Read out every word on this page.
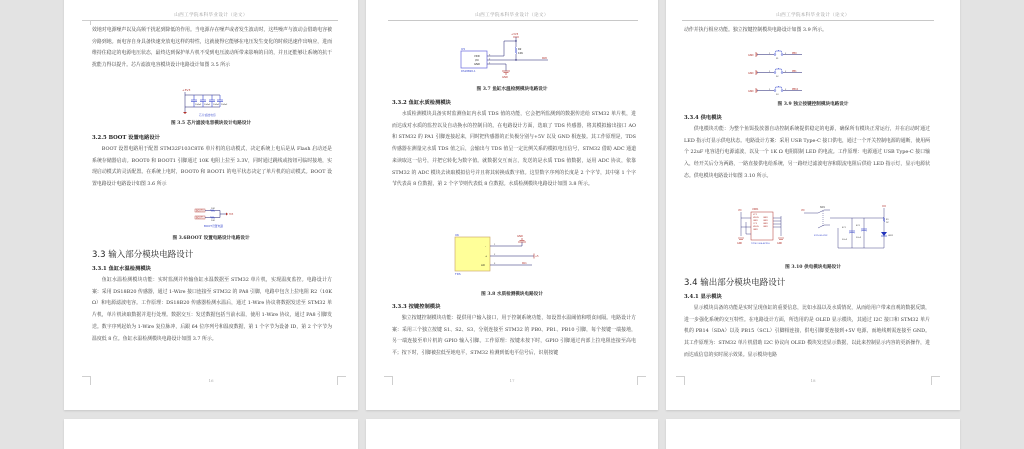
山西工学院本科毕业设计（论文）

效地对电源噪声以及高频干扰起到降低的作用。当电源存在噪声或者发生波动时，这些噪声与波动会借助电容被旁路到地。而电容自身具备快速充放电这样的特性，这就使得它能够在电压发生变化的时候迅速作出响应，进而维持住稳定的电源电压状态，最终达到保护单片机不受到电压波动所带来影响的目的，并且还能够让系统的抗干扰能力得以提升。芯片滤波电容模块设计电路设计如图 3.5 所示

+3V3
104nF	104nF	104nF 104nF
芯片滤波电容
图 3.5 芯片滤波电容模块设计电路设计
3.2.5 BOOT 设置电路设计

BOOT 设置电路用于配置 STM32F103C8T6 单片机的启动模式，决定系统上电后是从 Flash 启动还是系统存储器启动。BOOT0 和 BOOT1 引脚通过 10K 电阻上拉至 3.3V，同时通过跳线或按钮可临时接地，实现启动模式的灵活配置。在系统上电时，BOOT0 和 BOOT1 的电平状态决定了单片机的启动模式。BOOT 设置电路设计电路设计如图 3.6 所示

BOOT0
BOOT1
10K
10K
3V3
BOOT设置电路
图 3.6BOOT 设置电路设计电路设计
3.3 输入部分模块电路设计
3.3.1 鱼缸水温检测模块

鱼缸水温检测模块功能：实时监测并传输鱼缸水温数据至 STM32 单片机，实现温度监控。电路设计方案：采用 DS18B20 传感器，通过 1-Wire 接口连接至 STM32 的 PA8 引脚，电路中包含上拉电阻 R2（10K Ω）和电源滤波电容。工作原理：DS18B20 传感器检测水温后，通过 1-Wire 协议将数据发送至 STM32 单片机，单片机读取数据并进行处理。数据交互：发送数据包括当前水温，使用 1-Wire 协议，通过 PA8 引脚发送。数字序列起始为 1-Wire 复位脉冲，后跟 64 位序列号和温度数据，第 1 个字节为设备 ID，第 2 个字节为温度低 8 位。鱼缸水温检测模块电路设计如图 3.7 所示。

16
山西工学院本科毕业设计（论文）
U5
VDD
I/O
GND
DS18B20-1
3
2
1
R2
10K
+3V3
PA8
GND
图 3.7 鱼缸水温检测模块电路设计
3.3.2 鱼缸水质检测模块

水质检测模块具备实时监测鱼缸内水质 TDS 值的功能，它会把所监测到的数据传送给 STM32 单片机，进而达成对水质的监控以及自动换水的控制目的。在电路设计方面，选取了 TDS 传感器，将其模拟输出接口 AO 和 STM32 的 PA1 引脚连接起来，同时把传感器的正负极分别与+5V 以及 GND 相连接。其工作原理是，TDS 传感器在测量完水质 TDS 值之后，会输出与 TDS 值呈一定比例关系的模拟电压信号，STM32 借助 ADC 通道来读取这一信号，并把它转化为数字值。就数据交互而言，发送的是水质 TDS 值数据，运用 ADC 协议，依靠 STM32 的 ADC 模块去读取模拟信号并且将其转换成数字值。这里数字序列的长度是 2 个字节，其中第 1 个字节代表高 8 位数据，第 2 个字节则代表低 8 位数据。水质检测模块电路设计如图 3.8 所示。

U6
TDS
-
+
AO
1
2
3
GND
+5
PA1
图 3.8 水质检测模块电路设计
3.3.3 按键控制模块

独立按键控制模块功能：提供用户输入接口，用于控制系统功能，如设置水温阈值和喂食间隔。电路设计方案：采用三个独立按键 S1、S2、S3，分别连接至 STM32 的 PB0、PB1、PB10 引脚，每个按键一端接地，另一端连接至单片机的 GPIO 输入引脚。工作原理：按键未按下时，GPIO 引脚通过内部上拉电阻连接至高电平；按下时，引脚被拉低至地电平，STM32 检测到低电平信号后，识别按键

17
山西工学院本科毕业设计（论文）

动作并执行相应功能。独立按键控制模块电路设计如图 3.9 所示。

GND	1	2
S1
PB0
S2
PB1
S3
PB10
图 3.9 独立按键控制模块电路设计
3.3.4 供电模块

供电模块功能：为整个鱼饵投放器自动控制系统提供稳定的电源，确保所有模块正常运行，并在启动时通过 LED 指示灯显示供电状态。电路设计方案：采用 USB Type-C 接口供电，通过一个开关控制电源的通断，使用两个 22uF 电容进行电源滤波，以及一个 1K Ω 电阻限制 LED 的电流。工作原理：电源通过 USB Type-C 接口输入，经开关后分为两路，一路直接供电给系统，另一路经过滤波电容和限流电阻后供给 LED 指示灯，显示电源状态。供电模块电路设计如图 3.10 所示。

VD	USB1
VC1
VBUS
GND
CC2
VBUS
GND
GND
GND
GND
GND
GND	GND
TYPEC-304-BCP16
VD
SW1
K3T-005-XXX
EC1
22uF
EC2
22uF
R1
1K
LED1
图 3.10 供电模块电路设计
3.4 输出部分模块电路设计
3.4.1 显示模块

显示模块具备的功能是实时呈现鱼缸的重要信息，比如水温以及水质情况，从而给用户带来直观的数据反馈，进一步强化系统的交互特性。在电路设计方面，所选用的是 OLED 显示模块，其通过 I2C 接口和 STM32 单片机的 PB14（SDA）以及 PB15（SCL）引脚相连接，供电引脚要连接到+5V 电源，而地线则需连接至 GND。其工作原理为：STM32 单片机借助 I2C 协议向 OLED 模块发送显示数据，以此来控制显示内容的更新操作，进而达成信息的实时展示效果。显示模块电路

18
